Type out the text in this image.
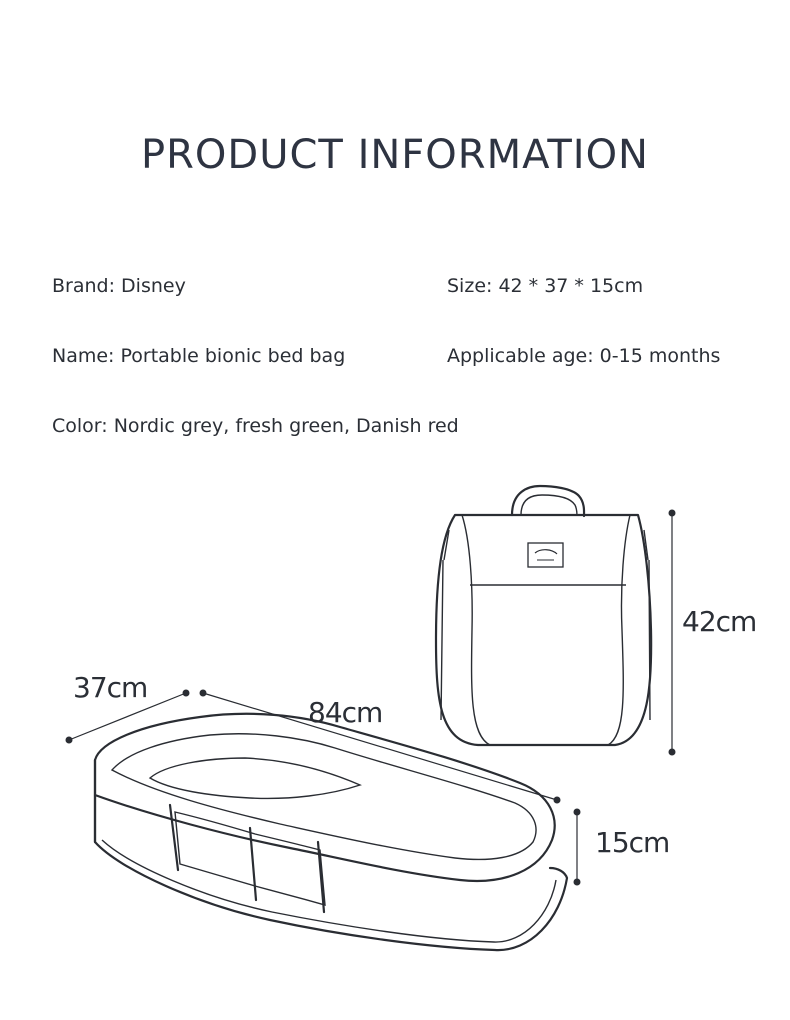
PRODUCT INFORMATION
Brand: Disney	Size: 42 * 37 * 15cm
Name: Portable bionic bed bag	Applicable age: 0-15 months
Color: Nordic grey, fresh green, Danish red
42cm
37cm
84cm
15cm
